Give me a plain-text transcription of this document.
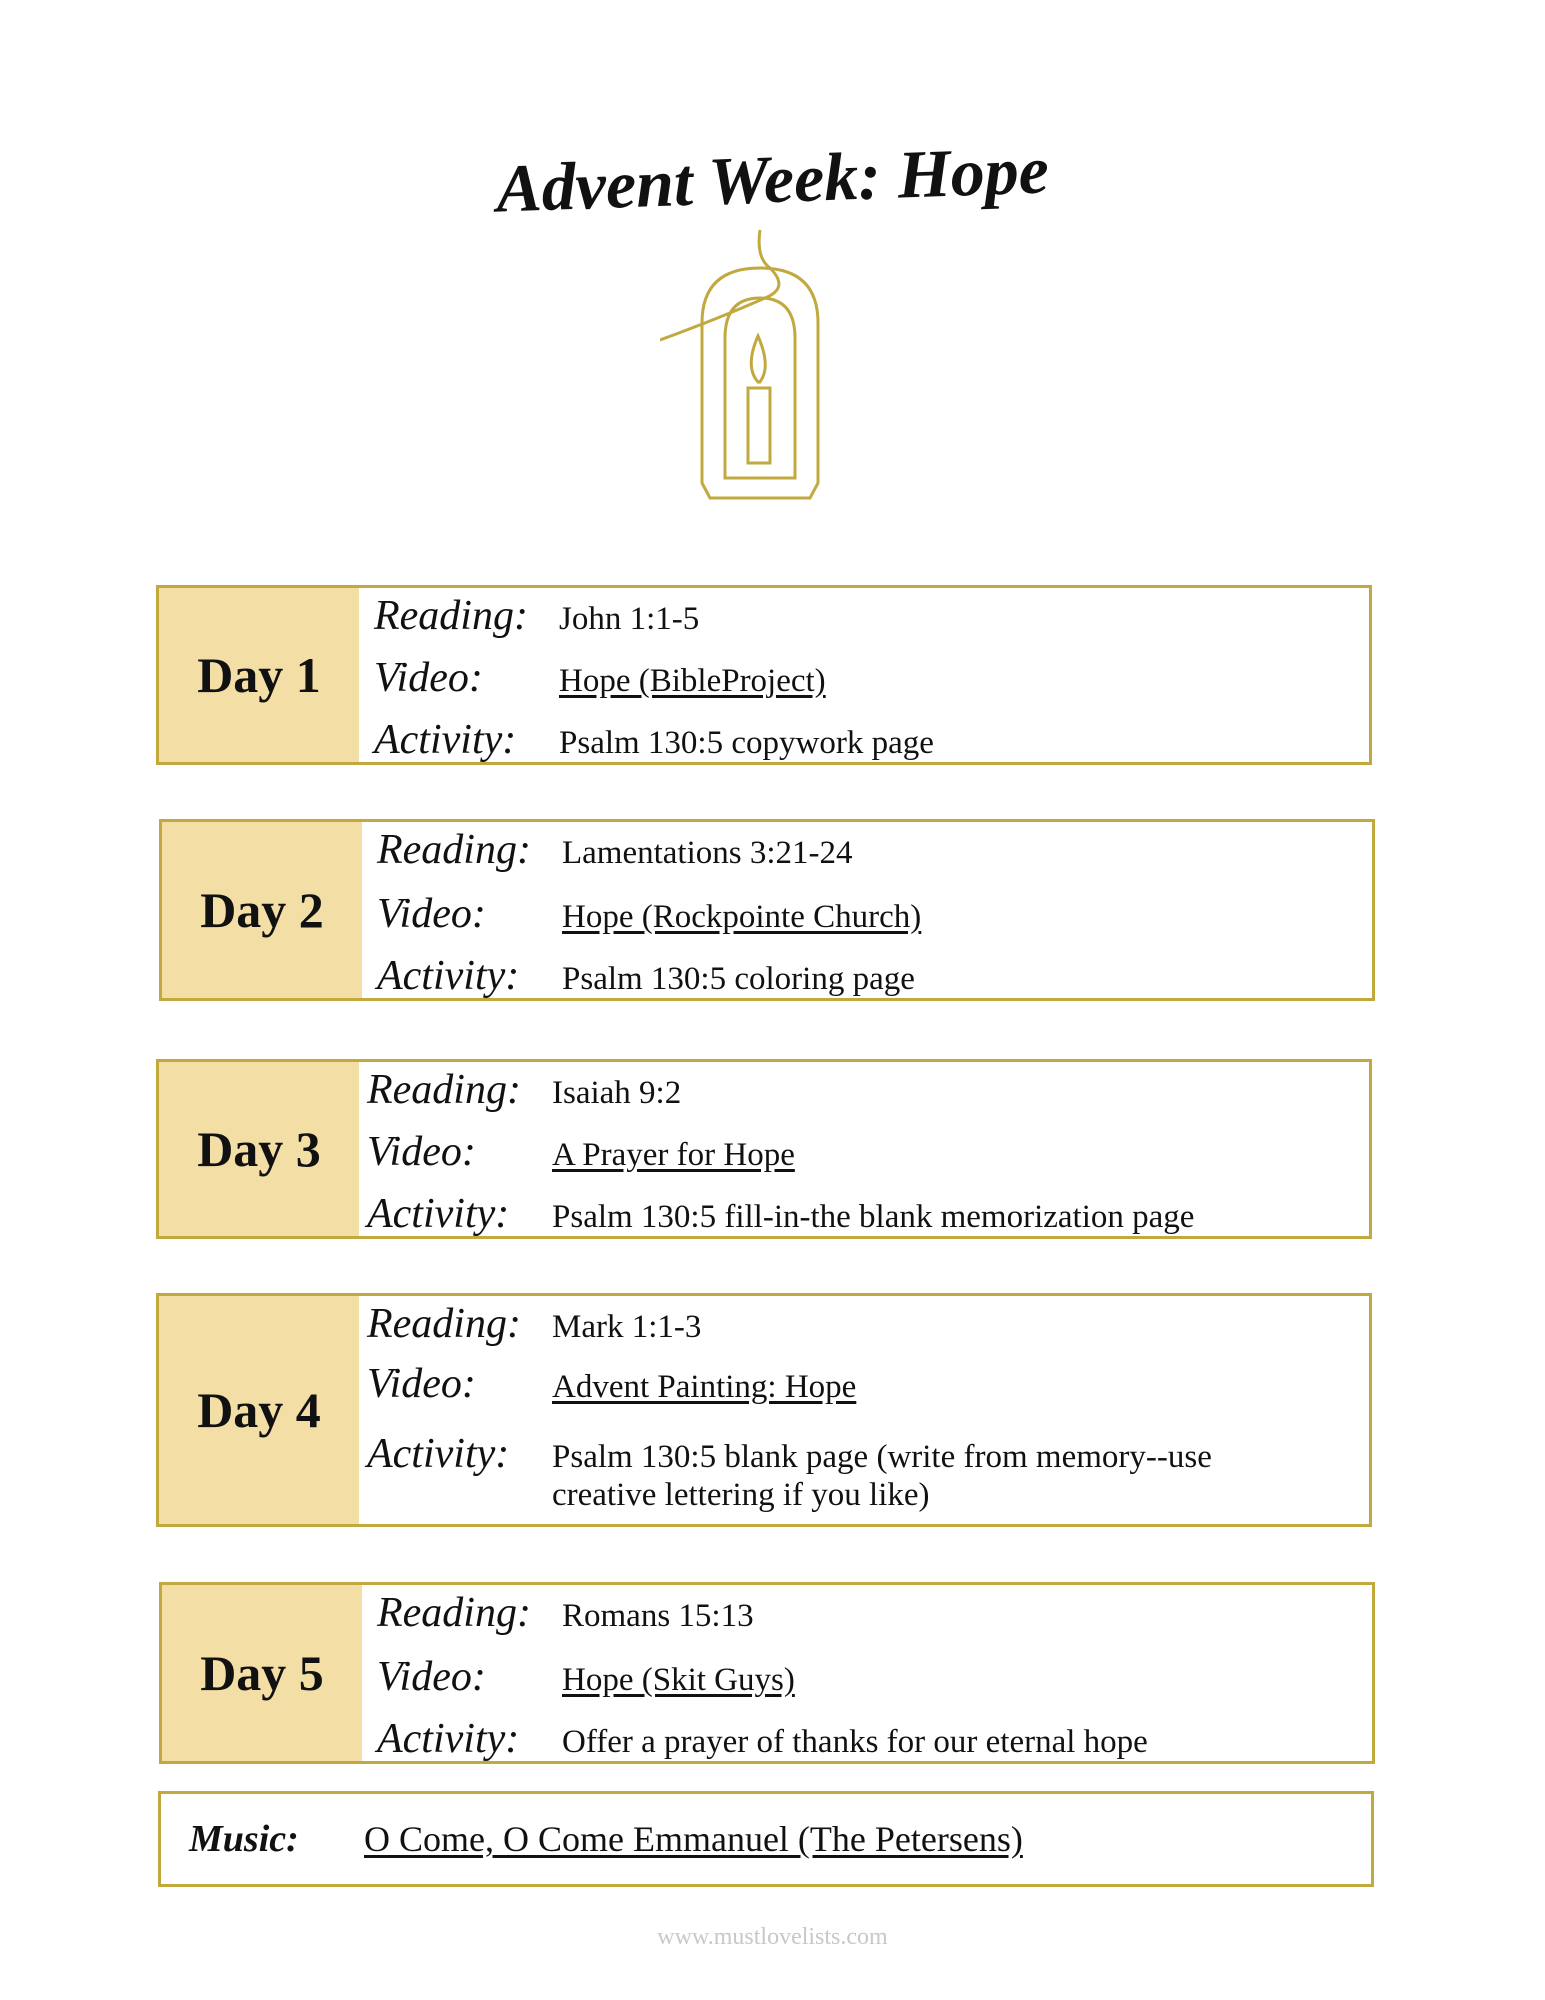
Advent Week: Hope
Day 1
Reading: John 1:1-5
Video:	Hope (BibleProject)
Activity:	Psalm 130:5 copywork page
Day 2
Reading: Lamentations 3:21-24
Video:	Hope (Rockpointe Church)
Activity:	Psalm 130:5 coloring page
Day 3
Reading: Isaiah 9:2
Video:	A Prayer for Hope
Activity:	Psalm 130:5 fill-in-the blank memorization page
Day 4
Reading: Mark 1:1-3
Video:	Advent Painting: Hope
Activity:	Psalm 130:5 blank page (write from memory--use creative lettering if you like)
Day 5
Reading: Romans 15:13
Video:	Hope (Skit Guys)
Activity:	Offer a prayer of thanks for our eternal hope
Music:	O Come, O Come Emmanuel (The Petersens)
www.mustlovelists.com
